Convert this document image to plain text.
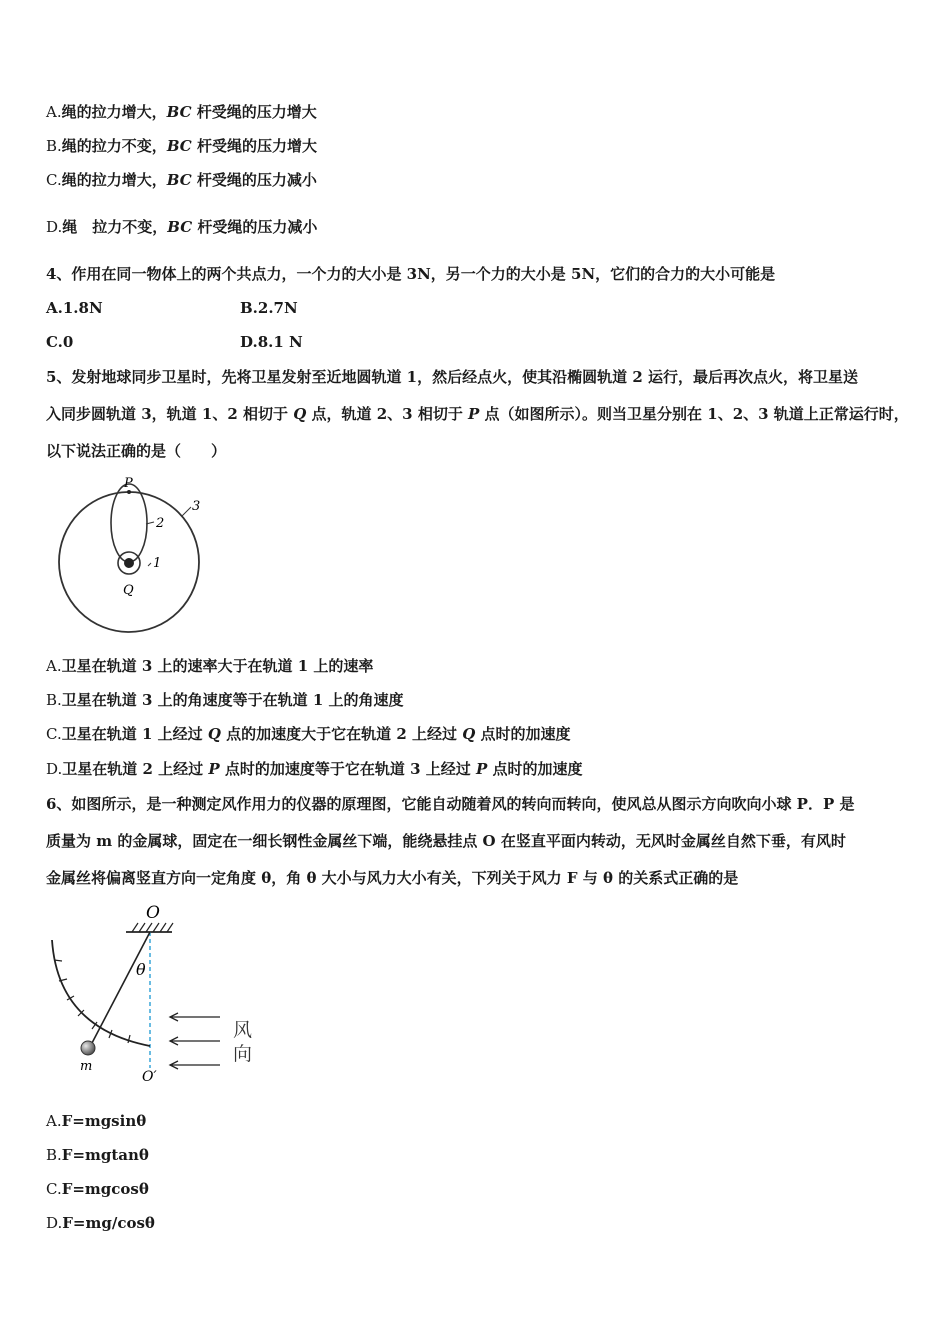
A.绳的拉力增大，BC 杆受绳的压力增大
B.绳的拉力不变，BC 杆受绳的压力增大
C.绳的拉力增大，BC 杆受绳的压力减小
D.绳　拉力不变，BC 杆受绳的压力减小
4、作用在同一物体上的两个共点力，一个力的大小是 3N，另一个力的大小是 5N，它们的合力的大小可能是
A.1.8N	B.2.7N
C.0	D.8.1 N
5、发射地球同步卫星时，先将卫星发射至近地圆轨道 1，然后经点火，使其沿椭圆轨道 2 运行，最后再次点火，将卫星送
入同步圆轨道 3，轨道 1、2 相切于 Q 点，轨道 2、3 相切于 P 点（如图所示）。则当卫星分别在 1、2、3 轨道上正常运行时，
以下说法正确的是（　　）
P
Q
1
2
3
A.卫星在轨道 3 上的速率大于在轨道 1 上的速率
B.卫星在轨道 3 上的角速度等于在轨道 1 上的角速度
C.卫星在轨道 1 上经过 Q 点的加速度大于它在轨道 2 上经过 Q 点时的加速度
D.卫星在轨道 2 上经过 P 点时的加速度等于它在轨道 3 上经过 P 点时的加速度
6、如图所示，是一种测定风作用力的仪器的原理图，它能自动随着风的转向而转向，使风总从图示方向吹向小球 P．P 是
质量为 m 的金属球，固定在一细长钢性金属丝下端，能绕悬挂点 O 在竖直平面内转动，无风时金属丝自然下垂，有风时
金属丝将偏离竖直方向一定角度 θ，角 θ 大小与风力大小有关，下列关于风力 F 与 θ 的关系式正确的是
O
O′
θ
m
风
向
A.F=mgsinθ
B.F=mgtanθ
C.F=mgcosθ
D.F=mg/cosθ
